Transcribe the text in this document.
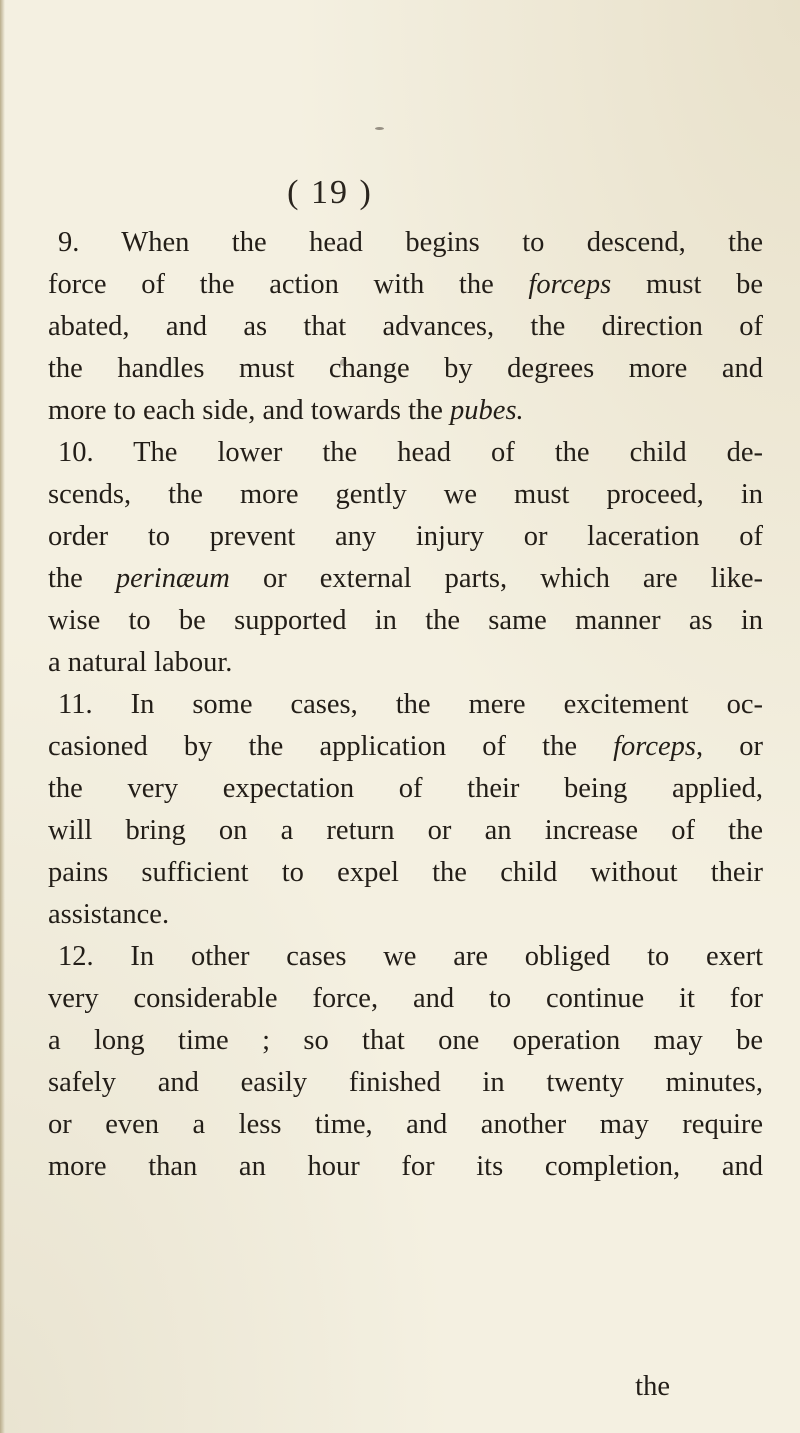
( 19 )
9. When the head begins to descend, the
force of the action with the forceps must be
abated, and as that advances, the direction of
the handles must change by degrees more and
more to each side, and towards the pubes.
10. The lower the head of the child de-
scends, the more gently we must proceed, in
order to prevent any injury or laceration of
the perinæum or external parts, which are like-
wise to be supported in the same manner as in
a natural labour.
11. In some cases, the mere excitement oc-
casioned by the application of the forceps, or
the very expectation of their being applied,
will bring on a return or an increase of the
pains sufficient to expel the child without their
assistance.
12. In other cases we are obliged to exert
very considerable force, and to continue it for
a long time ; so that one operation may be
safely and easily finished in twenty minutes,
or even a less time, and another may require
more than an hour for its completion, and
the
